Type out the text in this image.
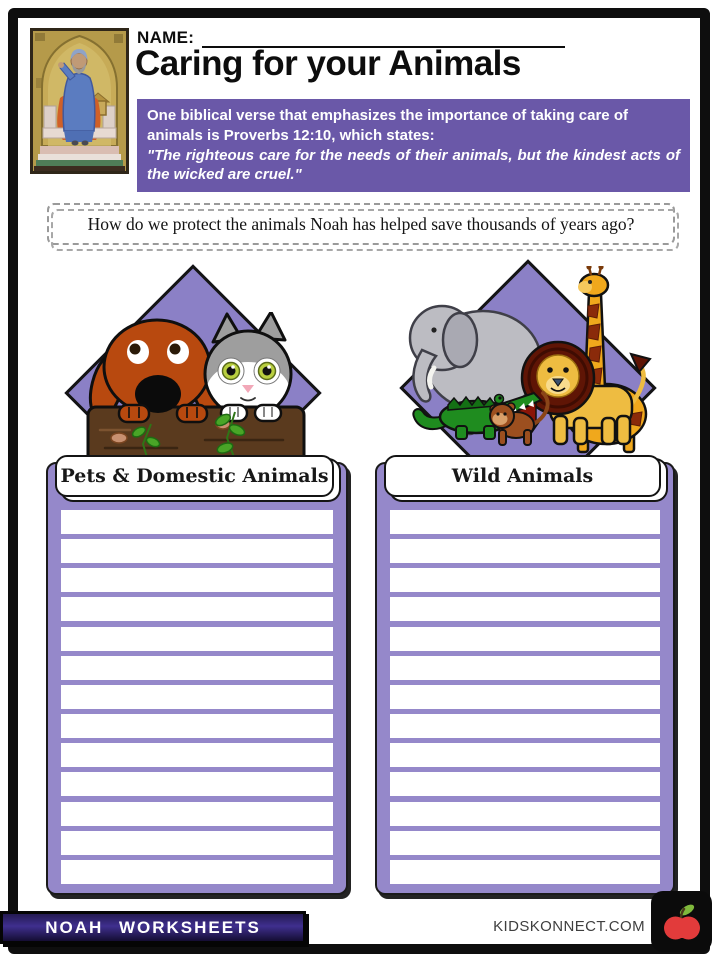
NAME:
Caring for your Animals
One biblical verse that emphasizes the importance of taking care of animals is Proverbs 12:10, which states:
"The righteous care for the needs of their animals, but the kindest acts of the wicked are cruel."
How do we protect the animals Noah has helped save thousands of years ago?
Pets & Domestic Animals	Wild Animals
NOAH WORKSHEETS	KIDSKONNECT.COM
